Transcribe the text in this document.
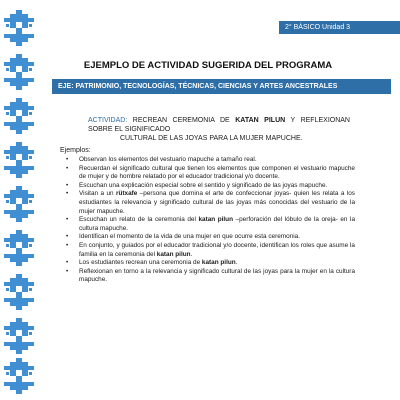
2° BÁSICO Unidad 3
EJEMPLO DE ACTIVIDAD SUGERIDA DEL PROGRAMA
EJE: PATRIMONIO, TECNOLOGÍAS, TÉCNICAS, CIENCIAS Y ARTES ANCESTRALES
ACTIVIDAD: RECREAN CEREMONIA DE KATAN PILUN Y REFLEXIONAN SOBRE EL SIGNIFICADO
CULTURAL DE LAS JOYAS PARA LA MUJER MAPUCHE.
Ejemplos:
• Observan los elementos del vestuario mapuche a tamaño real.
• Recuerdan el significado cultural que tienen los elementos que componen el vestuario mapuche de mujer y de hombre relatado por el educador tradicional y/o docente.
• Escuchan una explicación especial sobre el sentido y significado de las joyas mapuche.
• Visitan a un rütxafe –persona que domina el arte de confeccionar joyas- quien les relata a los estudiantes la relevancia y significado cultural de las joyas más conocidas del vestuario de la mujer mapuche.
• Escuchan un relato de la ceremonia del katan pilun –perforación del lóbulo de la oreja- en la cultura mapuche.
• Identifican el momento de la vida de una mujer en que ocurre esta ceremonia.
• En conjunto, y guiados por el educador tradicional y/o docente, identifican los roles que asume la familia en la ceremonia del katan pilun.
• Los estudiantes recrean una ceremonia de katan pilun.
• Reflexionan en torno a la relevancia y significado cultural de las joyas para la mujer en la cultura mapuche.
